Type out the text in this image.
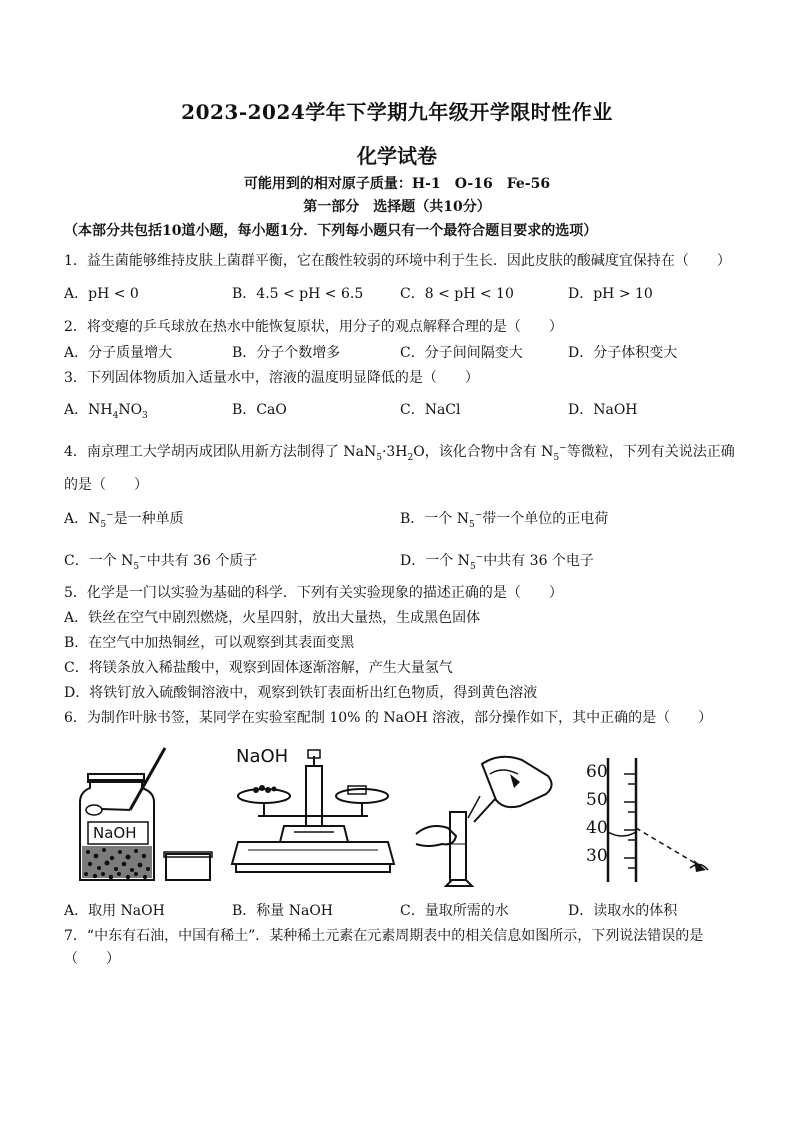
2023-2024学年下学期九年级开学限时性作业
化学试卷
可能用到的相对原子质量：H-1　O-16　Fe-56
第一部分　选择题（共10分）
（本部分共包括10道小题，每小题1分．下列每小题只有一个最符合题目要求的选项）
1．益生菌能够维持皮肤上菌群平衡，它在酸性较弱的环境中利于生长．因此皮肤的酸碱度宜保持在（　　）
A．pH < 0	B．4.5 < pH < 6.5	C．8 < pH < 10	D．pH > 10
2．将变瘪的乒乓球放在热水中能恢复原状，用分子的观点解释合理的是（　　）
A．分子质量增大	B．分子个数增多	C．分子间间隔变大	D．分子体积变大
3．下列固体物质加入适量水中，溶液的温度明显降低的是（　　）
A．$NH_4NO_3$	B．CaO	C．NaCl	D．NaOH
4．南京理工大学胡丙成团队用新方法制得了 $NaN_5\cdot 3H_2O$，该化合物中含有 $N_5^-$等微粒，下列有关说法正确
的是（　　）
A．$N_5^-$是一种单质	B．一个 $N_5^-$带一个单位的正电荷
C．一个 $N_5^-$中共有 36 个质子	D．一个 $N_5^-$中共有 36 个电子
5．化学是一门以实验为基础的科学．下列有关实验现象的描述正确的是（　　）
A．铁丝在空气中剧烈燃烧，火星四射，放出大量热，生成黑色固体
B．在空气中加热铜丝，可以观察到其表面变黑
C．将镁条放入稀盐酸中，观察到固体逐渐溶解，产生大量氢气
D．将铁钉放入硫酸铜溶液中，观察到铁钉表面析出红色物质，得到黄色溶液
6．为制作叶脉书签，某同学在实验室配制 10% 的 NaOH 溶液，部分操作如下，其中正确的是（　　）
NaOH
NaOH
60
50
40
30
A．取用 NaOH	B．称量 NaOH	C．量取所需的水	D．读取水的体积
7．“中东有石油，中国有稀土”．某种稀土元素在元素周期表中的相关信息如图所示，下列说法错误的是
（　　）
